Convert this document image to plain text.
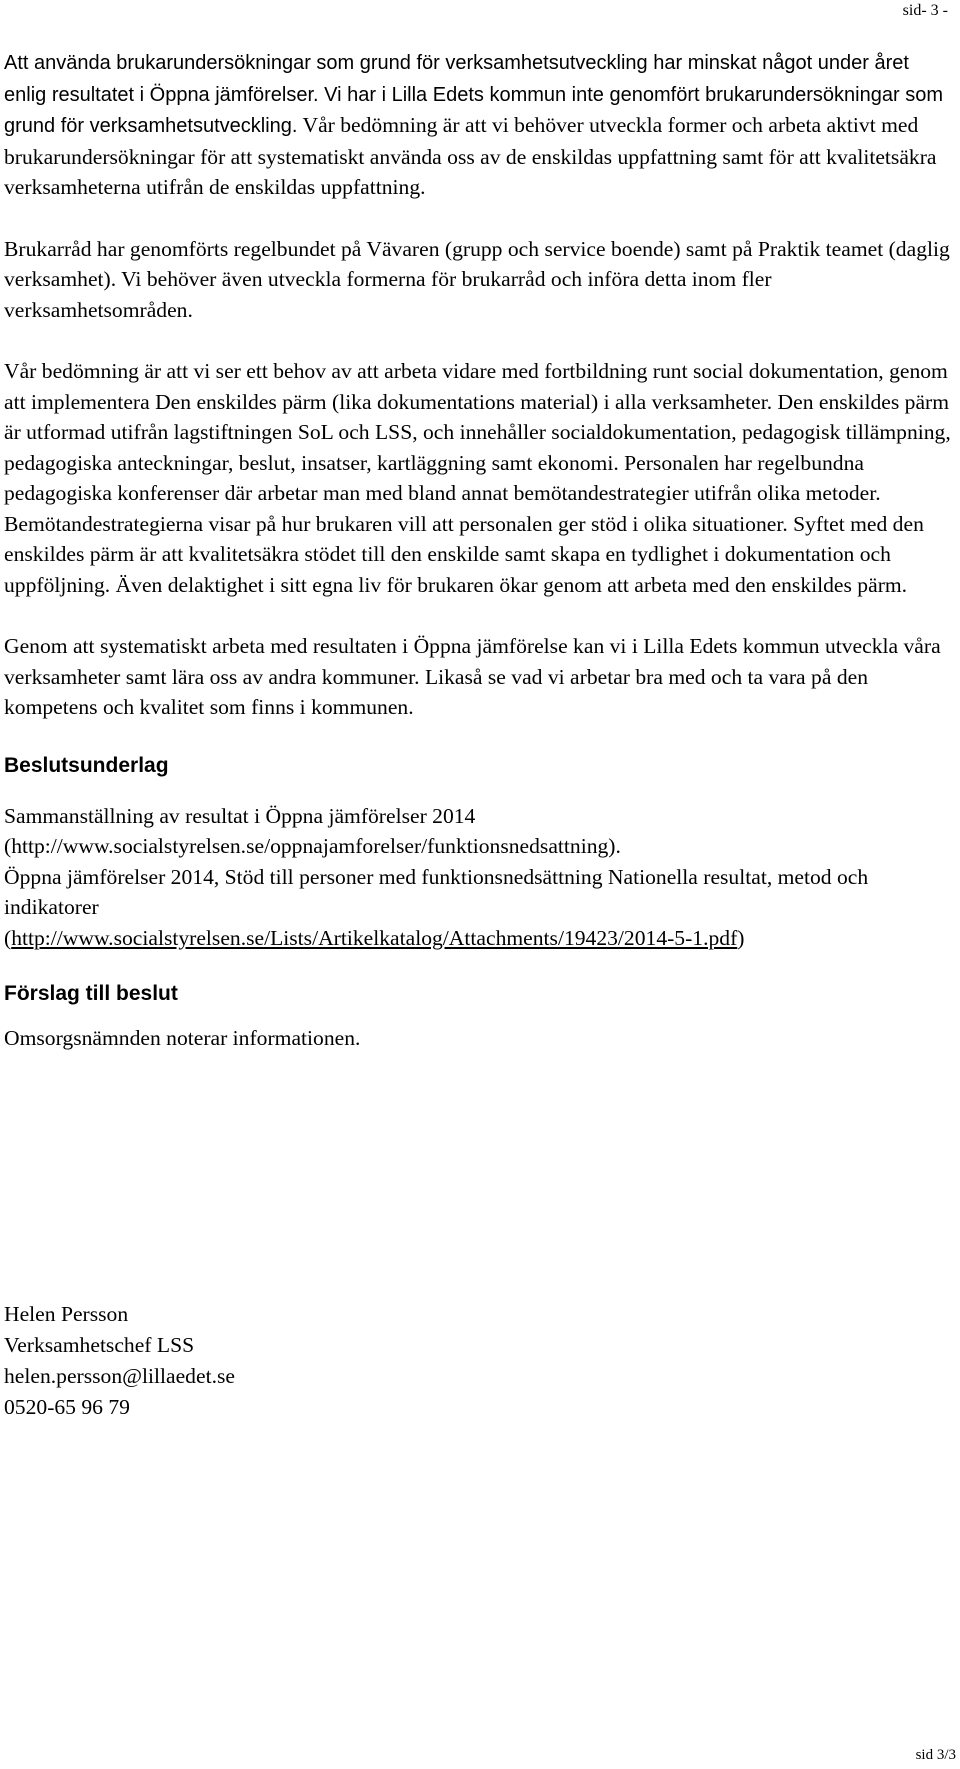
sid- 3 -

Att använda brukarundersökningar som grund för verksamhetsutveckling har minskat något under året enlig resultatet i Öppna jämförelser. Vi har i Lilla Edets kommun inte genomfört brukarundersökningar som grund för verksamhetsutveckling. Vår bedömning är att vi behöver utveckla former och arbeta aktivt med brukarundersökningar för att systematiskt använda oss av de enskildas uppfattning samt för att kvalitetsäkra verksamheterna utifrån de enskildas uppfattning.

Brukarråd har genomförts regelbundet på Vävaren (grupp och service boende) samt på Praktik teamet (daglig verksamhet). Vi behöver även utveckla formerna för brukarråd och införa detta inom fler verksamhetsområden.

Vår bedömning är att vi ser ett behov av att arbeta vidare med fortbildning runt social dokumentation, genom att implementera Den enskildes pärm (lika dokumentations material) i alla verksamheter. Den enskildes pärm är utformad utifrån lagstiftningen SoL och LSS, och innehåller socialdokumentation, pedagogisk tillämpning, pedagogiska anteckningar, beslut, insatser, kartläggning samt ekonomi. Personalen har regelbundna pedagogiska konferenser där arbetar man med bland annat bemötandestrategier utifrån olika metoder. Bemötandestrategierna visar på hur brukaren vill att personalen ger stöd i olika situationer. Syftet med den enskildes pärm är att kvalitetsäkra stödet till den enskilde samt skapa en tydlighet i dokumentation och uppföljning. Även delaktighet i sitt egna liv för brukaren ökar genom att arbeta med den enskildes pärm.

Genom att systematiskt arbeta med resultaten i Öppna jämförelse kan vi i Lilla Edets kommun utveckla våra verksamheter samt lära oss av andra kommuner. Likaså se vad vi arbetar bra med och ta vara på den kompetens och kvalitet som finns i kommunen.

Beslutsunderlag

Sammanställning av resultat i Öppna jämförelser 2014

(http://www.socialstyrelsen.se/oppnajamforelser/funktionsnedsattning).

Öppna jämförelser 2014, Stöd till personer med funktionsnedsättning Nationella resultat, metod och indikatorer

(http://www.socialstyrelsen.se/Lists/Artikelkatalog/Attachments/19423/2014-5-1.pdf)

Förslag till beslut

Omsorgsnämnden noterar informationen.

Helen Persson

Verksamhetschef LSS

helen.persson@lillaedet.se

0520-65 96 79

sid 3/3
